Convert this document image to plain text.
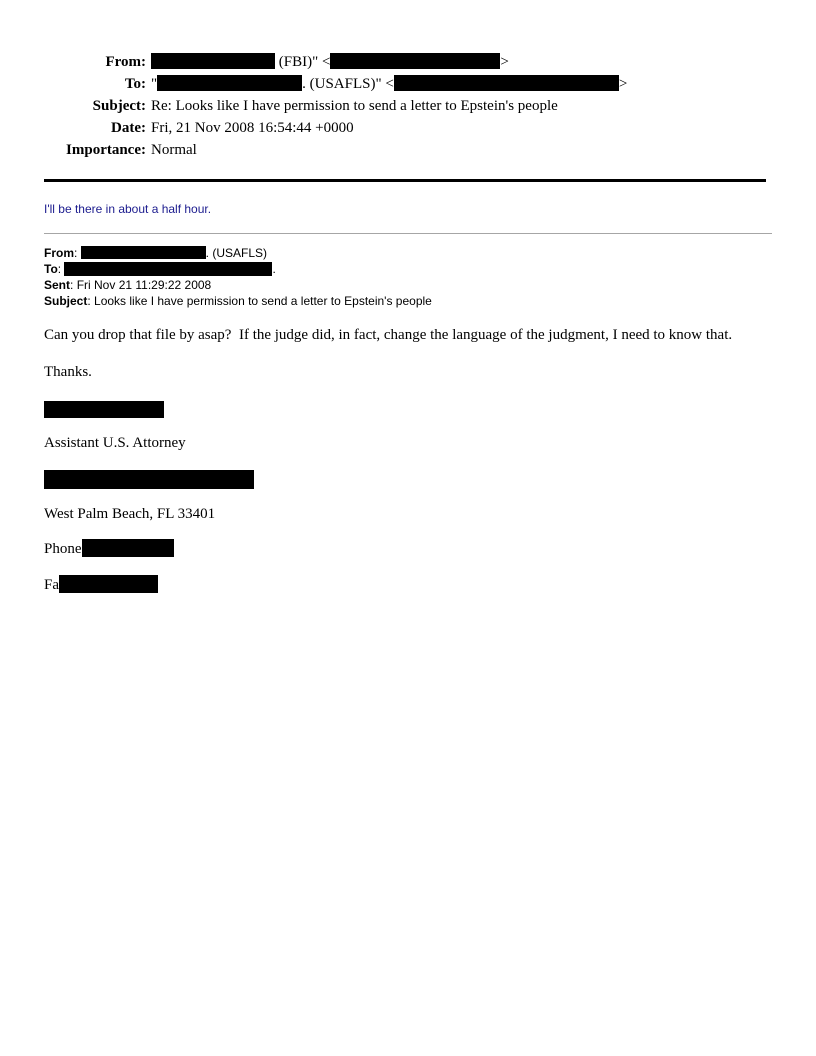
From:	(FBI)" <	>
To: "	. (USAFLS)" <	>
Subject: Re: Looks like I have permission to send a letter to Epstein's people
Date: Fri, 21 Nov 2008 16:54:44 +0000
Importance: Normal

I'll be there in about a half hour.

From:	. (USAFLS)
To:	.
Sent: Fri Nov 21 11:29:22 2008
Subject: Looks like I have permission to send a letter to Epstein's people

Can you drop that file by asap?  If the judge did, in fact, change the language of the judgment, I need to know that.

Thanks.

Assistant U.S. Attorney

West Palm Beach, FL 33401

Phone

Fa
